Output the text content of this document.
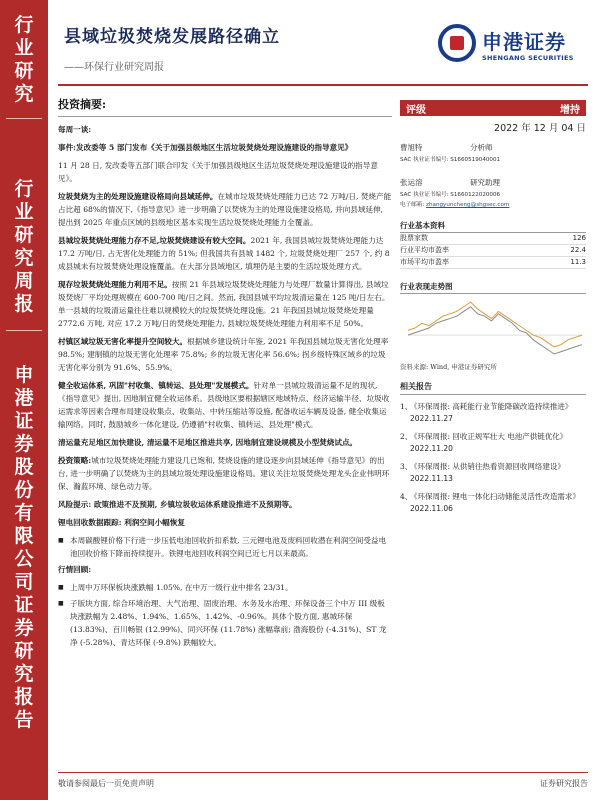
行
业
研
究
行
业
研
究
周
报
申
港
证
券
股
份
有
限
公
司
证
券
研
究
报
告
县域垃圾焚烧发展路径确立
——环保行业研究周报
申港证券
SHENGANG SECURITIES
投资摘要:
每周一谈:
事件:发改委等 5 部门发布《关于加强县级地区生活垃圾焚烧处理设施建设的指导意见》
11 月 28 日, 发改委等五部门联合印发《关于加强县级地区生活垃圾焚烧处理设施建设的指导意见》。
垃圾焚烧为主的处理设施建设格局向县域延伸。在城市垃圾焚烧处理能力已达 72 万吨/日, 焚烧产能占比超 68%的情况下,《指导意见》进一步明确了以焚烧为主的处理设施建设格局, 并向县域延伸, 提出到 2025 年重点区域的县级地区基本实现生活垃圾焚烧处理能力全覆盖。
县城垃圾焚烧处理能力存不足,垃圾焚烧建设有较大空间。2021 年, 我国县城垃圾焚烧处理能力达 17.2 万吨/日, 占无害化处理能力的 51%; 但我国共有县城 1482 个, 垃圾焚烧处理厂 257 个, 约 8 成县城未有垃圾焚烧处理设施覆盖。在大部分县域地区, 填埋仍是主要的生活垃圾处理方式。
现存垃圾焚烧处理能力利用不足。按照 21 年县域垃圾焚烧处理能力与处理厂数量计算得出, 县域垃圾焚烧厂平均处理规模在 600-700 吨/日之间。然而, 我国县城平均垃圾清运量在 125 吨/日左右。单一县城的垃圾清运量往往难以规模较大的垃圾焚烧处理设施。21 年我国县城垃圾焚烧处理量 2772.6 万吨, 对应 17.2 万吨/日的焚烧处理能力, 县城垃圾焚烧处理能力利用率不足 50%。
村镇区域垃圾无害化率提升空间较大。根据城乡建设统计年鉴, 2021 年我国县城垃圾无害化处理率 98.5%; 建制镇的垃圾无害化处理率 75.8%; 乡的垃圾无害化率 56.6%; 拐乡级特殊区域乡的垃圾无害化率分别为 91.6%、55.9%。
健全收运体系, 巩固"村收集、镇转运、县处理"发展模式。针对单一县城垃圾清运量不足的现状,《指导意见》提出, 因地制宜健全收运体系。县级地区要根据辖区地域特点、经济运输半径、垃圾收运需求等因素合理布局建设收集点、收集站、中转压缩站等设施, 配备收运车辆及设备, 健全收集运输网络。同时, 鼓励城乡一体化建设, 仍遵循"村收集、镇转运、县处理"模式。
清运量充足地区加快建设, 清运量不足地区推进共享, 因地制宜建设规模及小型焚烧试点。
投资策略:城市垃圾焚烧处理能力建设几已饱和, 焚烧设施的建设逐步向县域延伸《指导意见》的出台, 进一步明确了以焚烧为主的县域垃圾处理设施建设格局。建议关注垃圾焚烧处理龙头企业伟明环保、瀚蓝环境、绿色动力等。
风险提示: 政策推进不及预期, 乡镇垃圾收运体系建设推进不及预期等。
锂电回收数据跟踪: 利润空间小幅恢复
■ 本周碳酸锂价格下行进一步压低电池回收折扣系数, 三元锂电池及废料回收潜在利润空间受益电池回收价格下降而持续提升。铁锂电池回收利润空间已近七月以来最高。
行情回顾:
■ 上周中万环保板块涨跌幅 1.05%, 在中万一级行业中排名 23/31。
■ 子版块方面, 综合环境治理、大气治理、固废治理、水务及水治理、环保设备三个中万 III 级板块涨跌幅为 2.48%、1.94%、1.65%、1.42%、-0.96%。具体个股方面, 惠城环保 (13.83%)、百川畅银 (12.99%)、同兴环保 (11.78%) 涨幅靠前; 渤海股份 (-4.31%)、ST 龙净 (-5.28%)、青达环保 (-9.8%) 跌幅较大。
评级	增持
2022 年 12 月 04 日
曹旭特	分析师
SAC 执业证书编号: S1660519040001
张运溶	研究助理
SAC 执业证书编号: S1660122020006
电子邮箱: zhangyuncheng@shgsec.com
行业基本资料
股票家数	126
行业平均市盈率	22.4
市场平均市盈率	11.3
行业表现走势图
资料来源: Wind, 申港证券研究所
相关报告
1、
《环保周报: 高耗能行业节能降碳改造持续推进》 2022.11.27
2、
《环保周报: 回收正规军壮大 电池产供链优化》 2022.11.20
3、
《环保周报: 从供销往热看资源回收网络建设》 2022.11.13
4、
《环保周报: 锂电一体化扫动储能灵活性改造需求》 2022.11.06
敬请参阅最后一页免责声明	证券研究报告
